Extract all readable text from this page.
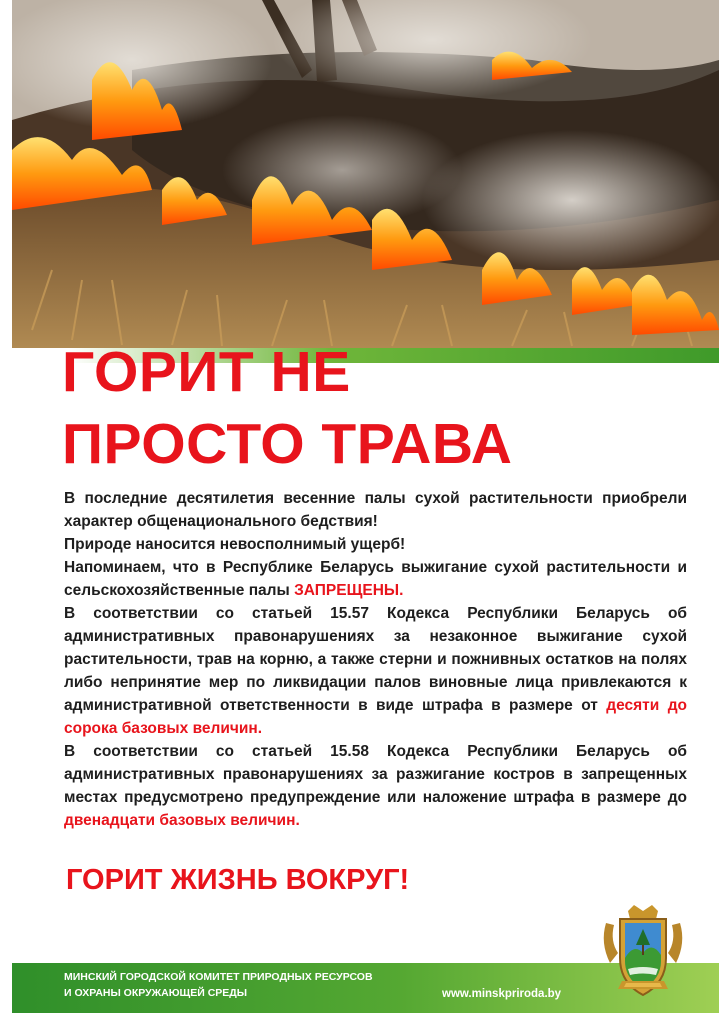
ГОРИТ НЕ
ПРОСТО ТРАВА

В последние десятилетия весенние палы сухой растительности приобрели характер общенационального бедствия!

Природе наносится невосполнимый ущерб!

Напоминаем, что в Республике Беларусь выжигание сухой растительности и сельскохозяйственные палы ЗАПРЕЩЕНЫ.

В соответствии со статьей 15.57 Кодекса Республики Беларусь об административных правонарушениях за незаконное выжигание сухой растительности, трав на корню, а также стерни и пожнивных остатков на полях либо непринятие мер по ликвидации палов виновные лица привлекаются к административной ответственности в виде штрафа в размере от десяти до сорока базовых величин.

В соответствии со статьей 15.58 Кодекса Республики Беларусь об административных правонарушениях за разжигание костров в запрещенных местах предусмотрено предупреждение или наложение штрафа в размере до двенадцати базовых величин.

ГОРИТ ЖИЗНЬ ВОКРУГ!
МИНСКИЙ ГОРОДСКОЙ КОМИТЕТ ПРИРОДНЫХ РЕСУРСОВ
И ОХРАНЫ ОКРУЖАЮЩЕЙ СРЕДЫ	www.minskpriroda.by
